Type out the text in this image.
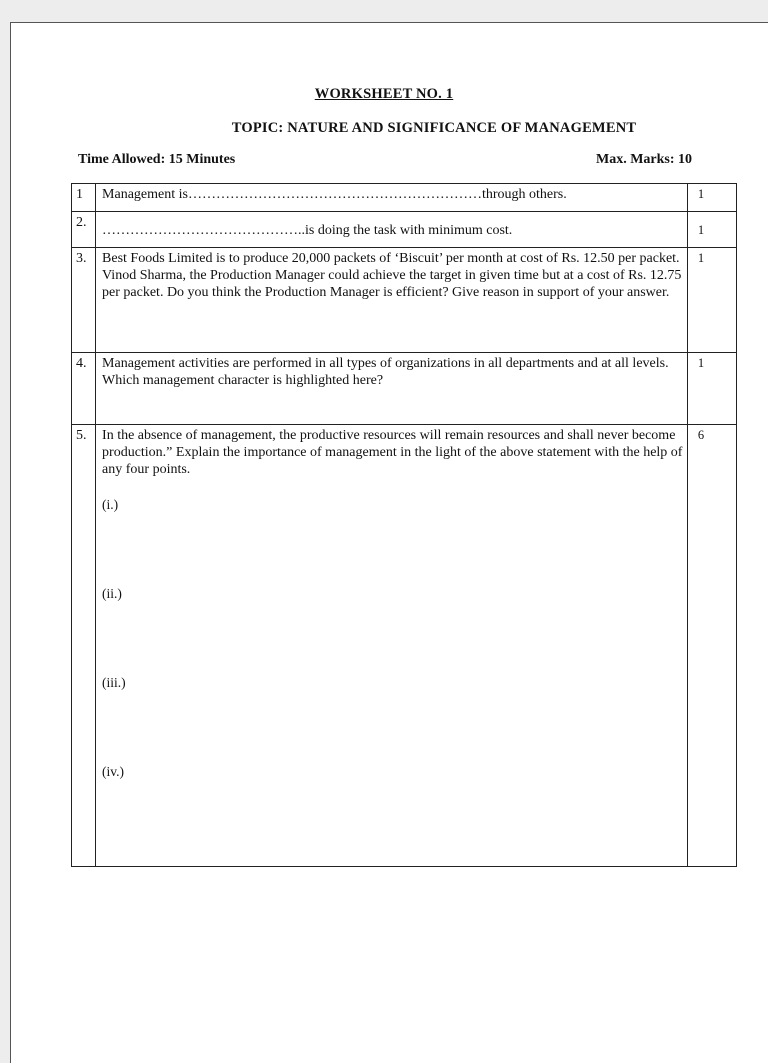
WORKSHEET NO. 1
TOPIC: NATURE AND SIGNIFICANCE OF MANAGEMENT
Time Allowed: 15 Minutes	Max. Marks: 10
1	Management is………………………………………………………through others.	1
2.	……………………………………..is doing the task with minimum cost.	1
3.	Best Foods Limited is to produce 20,000 packets of ‘Biscuit’ per month at cost of Rs. 12.50 per packet. Vinod Sharma, the Production Manager could achieve the target in given time but at a cost of Rs. 12.75 per packet. Do you think the Production Manager is efficient? Give reason in support of your answer.	1
4.	Management activities are performed in all types of organizations in all departments and at all levels. Which management character is highlighted here?	1
5.	In the absence of management, the productive resources will remain resources and shall never become production.” Explain the importance of management in the light of the above statement with the help of any four points.
(i.)
(ii.)
(iii.)
(iv.)	6
